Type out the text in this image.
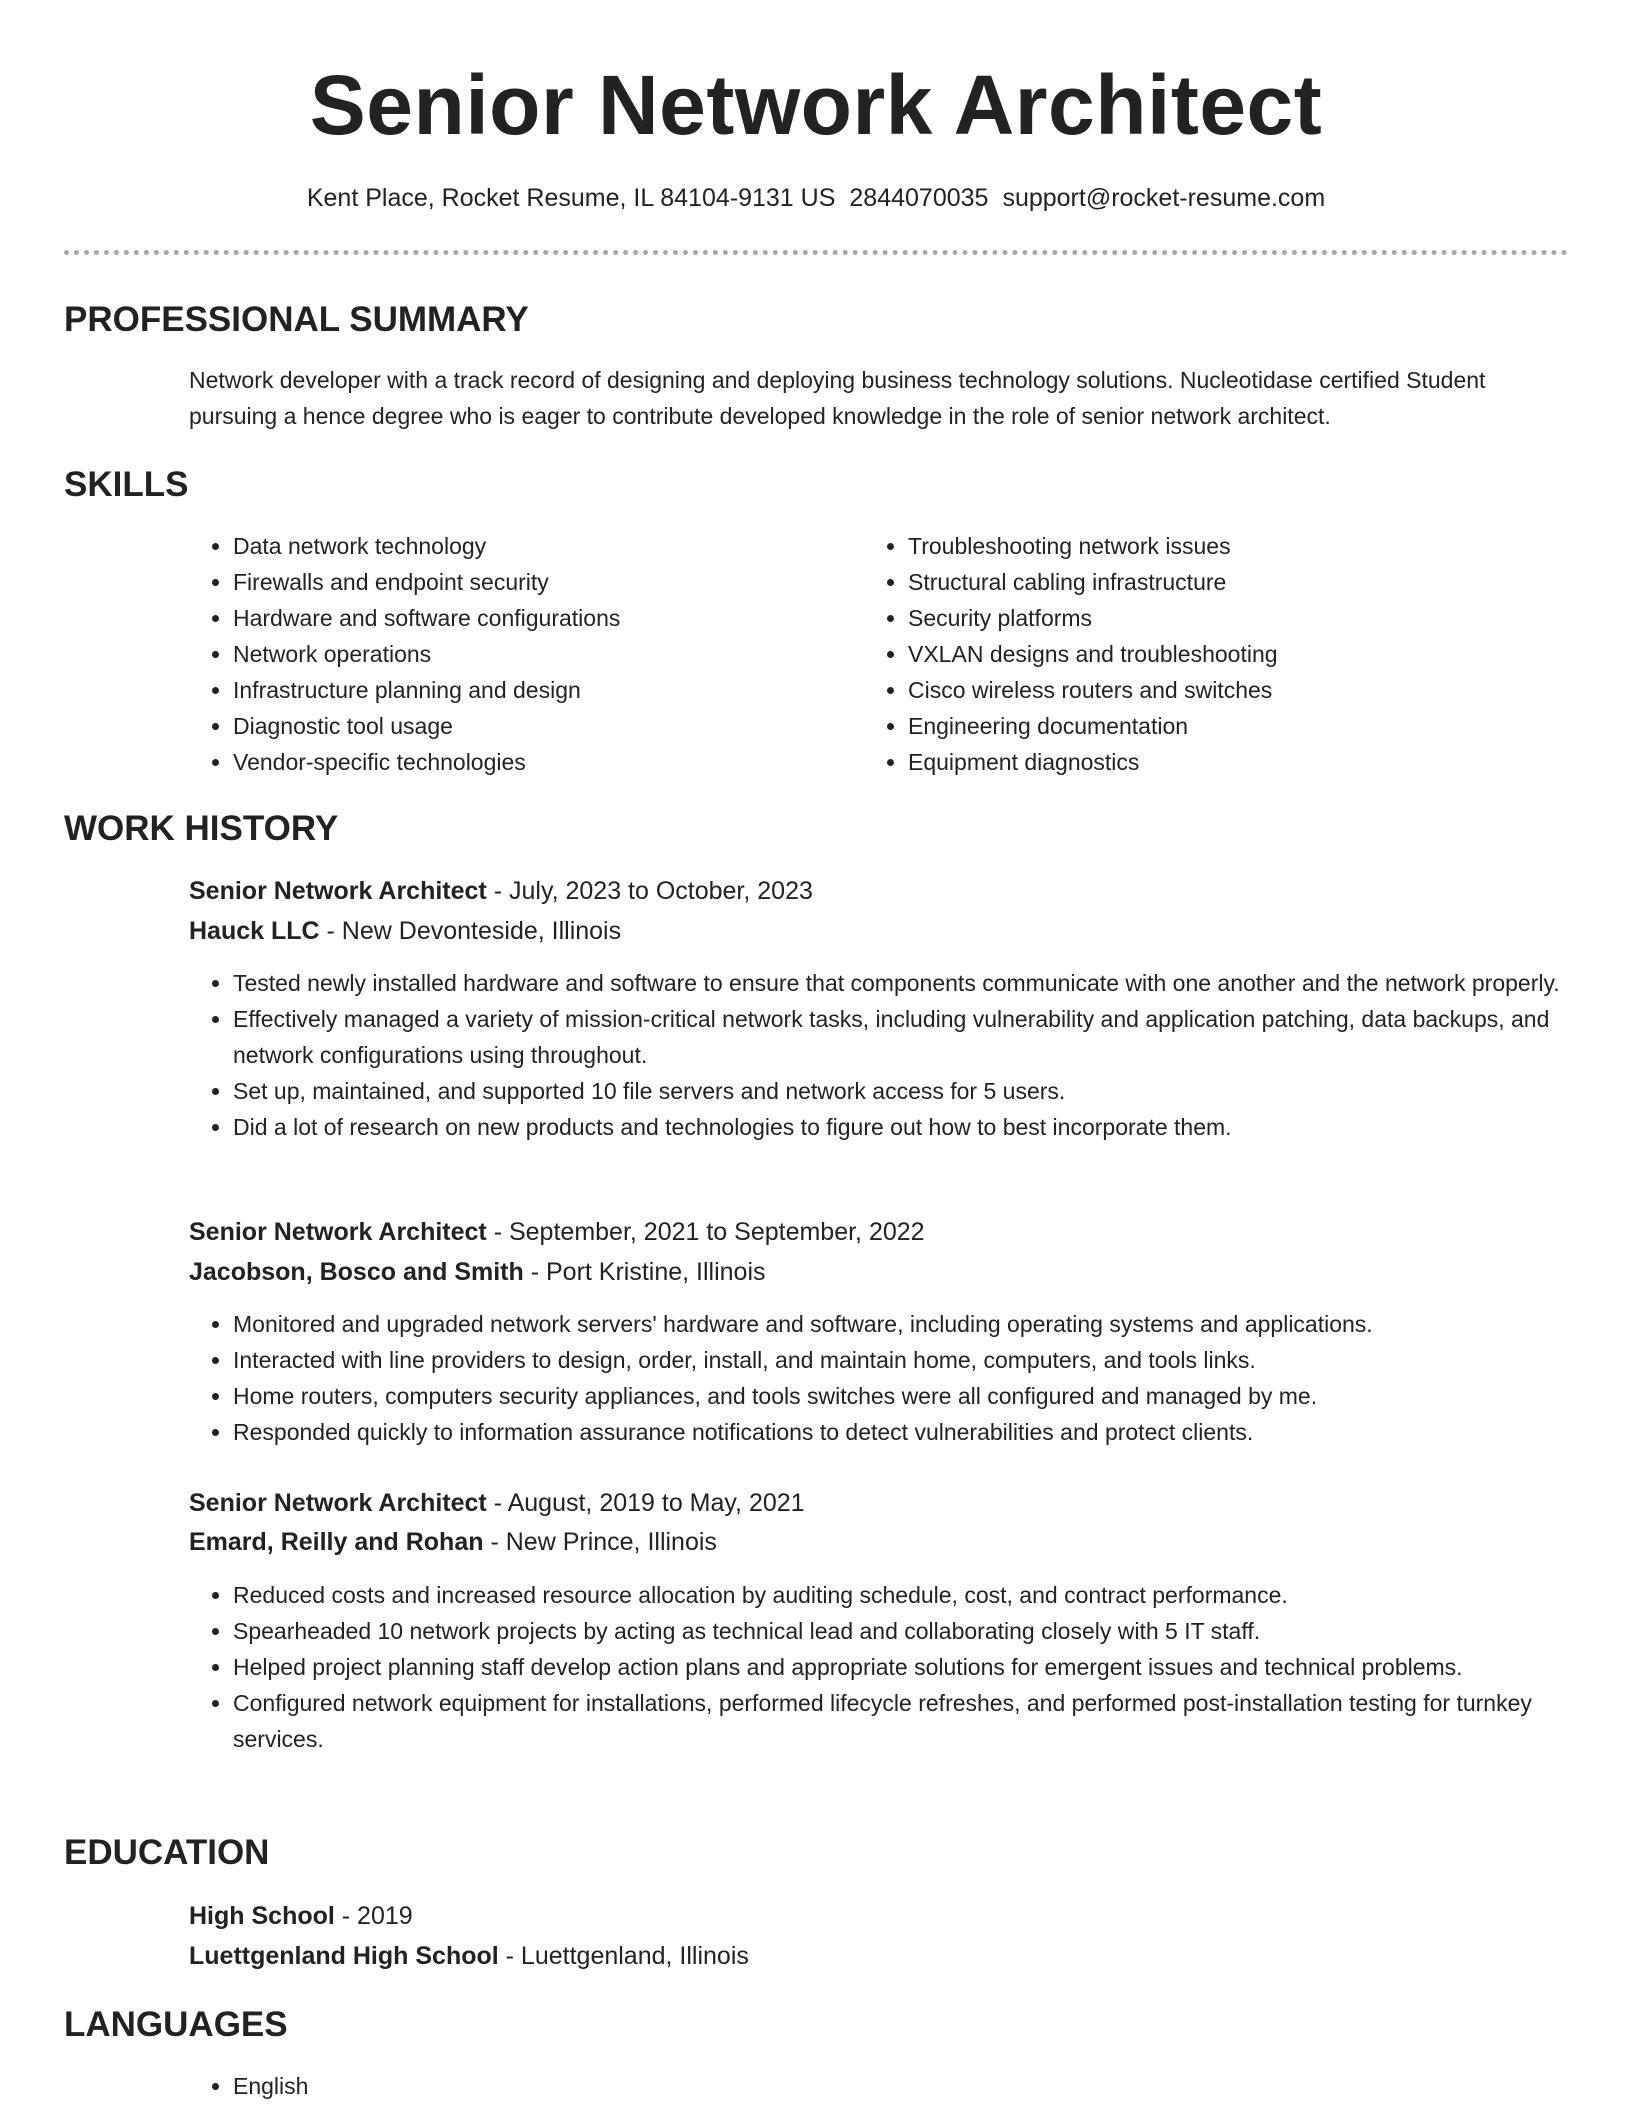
Senior Network Architect
Kent Place, Rocket Resume, IL 84104-9131 US 2844070035 support@rocket-resume.com
PROFESSIONAL SUMMARY

Network developer with a track record of designing and deploying business technology solutions. Nucleotidase certified Student pursuing a hence degree who is eager to contribute developed knowledge in the role of senior network architect.

SKILLS
• Data network technology
• Firewalls and endpoint security
• Hardware and software configurations
• Network operations
• Infrastructure planning and design
• Diagnostic tool usage
• Vendor-specific technologies
• Troubleshooting network issues
• Structural cabling infrastructure
• Security platforms
• VXLAN designs and troubleshooting
• Cisco wireless routers and switches
• Engineering documentation
• Equipment diagnostics
WORK HISTORY
Senior Network Architect - July, 2023 to October, 2023
Hauck LLC - New Devonteside, Illinois
• Tested newly installed hardware and software to ensure that components communicate with one another and the network properly.
• Effectively managed a variety of mission-critical network tasks, including vulnerability and application patching, data backups, and network configurations using throughout.
• Set up, maintained, and supported 10 file servers and network access for 5 users.
• Did a lot of research on new products and technologies to figure out how to best incorporate them.
Senior Network Architect - September, 2021 to September, 2022
Jacobson, Bosco and Smith - Port Kristine, Illinois
• Monitored and upgraded network servers' hardware and software, including operating systems and applications.
• Interacted with line providers to design, order, install, and maintain home, computers, and tools links.
• Home routers, computers security appliances, and tools switches were all configured and managed by me.
• Responded quickly to information assurance notifications to detect vulnerabilities and protect clients.
Senior Network Architect - August, 2019 to May, 2021
Emard, Reilly and Rohan - New Prince, Illinois
• Reduced costs and increased resource allocation by auditing schedule, cost, and contract performance.
• Spearheaded 10 network projects by acting as technical lead and collaborating closely with 5 IT staff.
• Helped project planning staff develop action plans and appropriate solutions for emergent issues and technical problems.
• Configured network equipment for installations, performed lifecycle refreshes, and performed post-installation testing for turnkey services.
EDUCATION
High School - 2019
Luettgenland High School - Luettgenland, Illinois
LANGUAGES
• English
